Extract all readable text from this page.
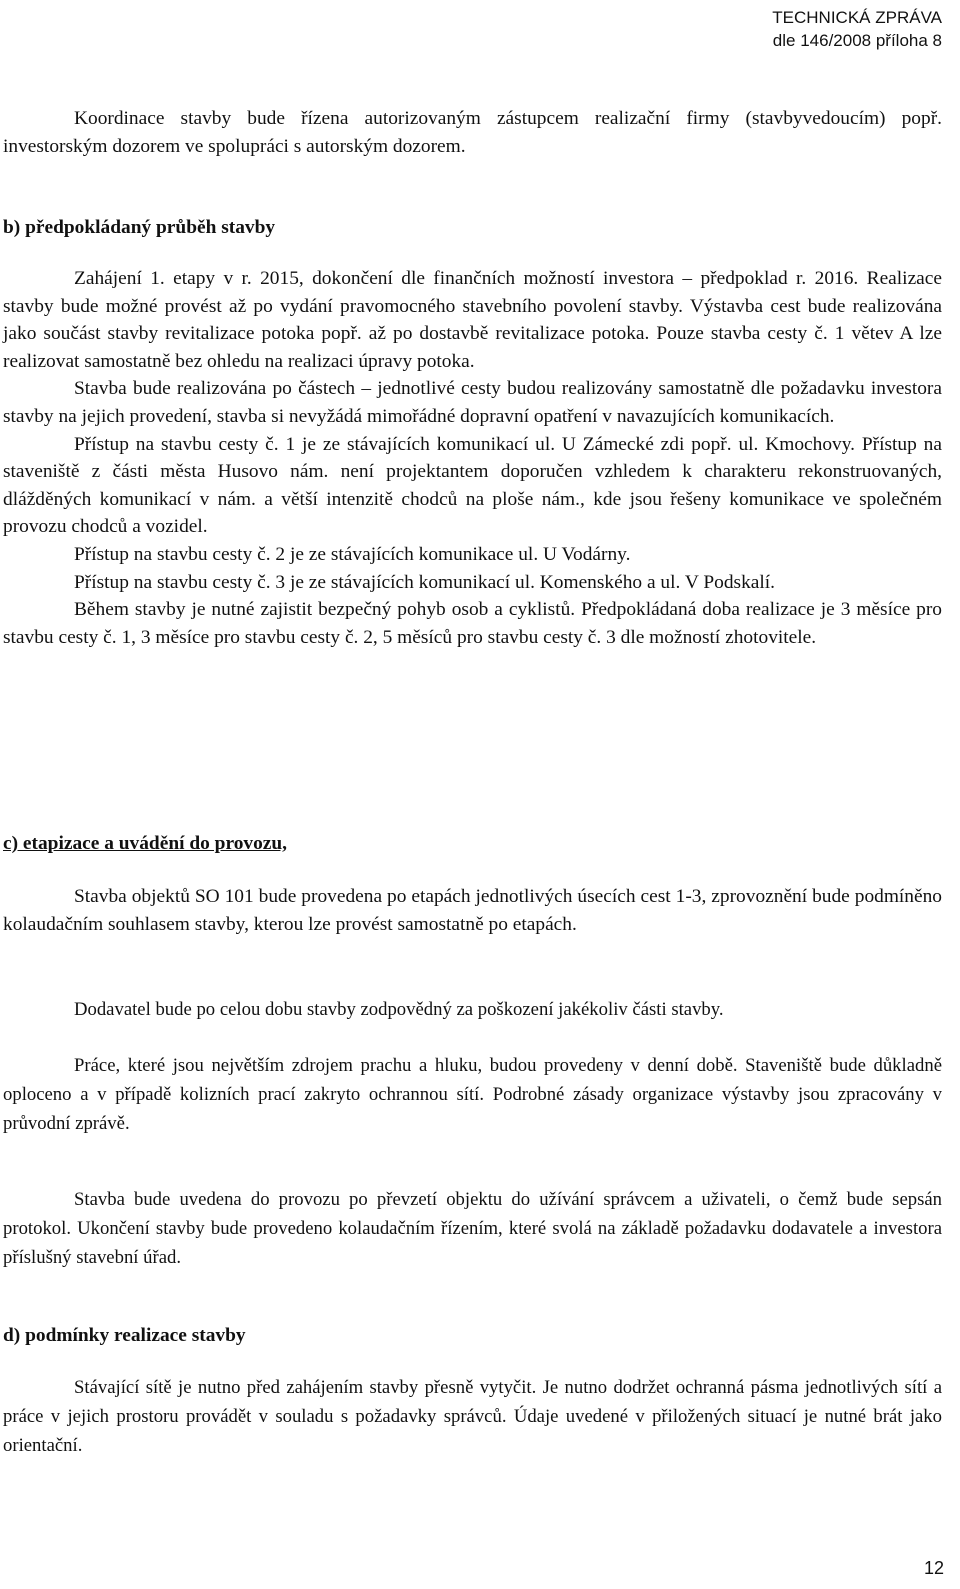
TECHNICKÁ ZPRÁVA
dle 146/2008 příloha 8

Koordinace stavby bude řízena autorizovaným zástupcem realizační firmy (stavbyvedoucím) popř. investorským dozorem ve spolupráci s autorským dozorem.

b) předpokládaný průběh stavby

Zahájení 1. etapy v r. 2015, dokončení dle finančních možností investora – předpoklad r. 2016. Realizace stavby bude možné provést až po vydání pravomocného stavebního povolení stavby. Výstavba cest bude realizována jako součást stavby revitalizace potoka popř. až po dostavbě revitalizace potoka. Pouze stavba cesty č. 1 větev A lze realizovat samostatně bez ohledu na realizaci úpravy potoka.

Stavba bude realizována po částech – jednotlivé cesty budou realizovány samostatně dle požadavku investora stavby na jejich provedení, stavba si nevyžádá mimořádné dopravní opatření v navazujících komunikacích.

Přístup na stavbu cesty č. 1 je ze stávajících komunikací ul. U Zámecké zdi popř. ul. Kmochovy. Přístup na staveniště z části města Husovo nám. není projektantem doporučen vzhledem k charakteru rekonstruovaných, dlážděných komunikací v nám. a větší intenzitě chodců na ploše nám., kde jsou řešeny komunikace ve společném provozu chodců a vozidel.

Přístup na stavbu cesty č. 2 je ze stávajících komunikace ul. U Vodárny.

Přístup na stavbu cesty č. 3 je ze stávajících komunikací ul. Komenského a ul. V Podskalí.

Během stavby je nutné zajistit bezpečný pohyb osob a cyklistů. Předpokládaná doba realizace je 3 měsíce pro stavbu cesty č. 1, 3 měsíce pro stavbu cesty č. 2, 5 měsíců pro stavbu cesty č. 3 dle možností zhotovitele.

c) etapizace a uvádění do provozu,

Stavba objektů SO 101 bude provedena po etapách jednotlivých úsecích cest 1-3, zprovoznění bude podmíněno kolaudačním souhlasem stavby, kterou lze provést samostatně po etapách.

Dodavatel bude po celou dobu stavby zodpovědný za poškození jakékoliv části stavby.

Práce, které jsou největším zdrojem prachu a hluku, budou provedeny v denní době. Staveniště bude důkladně oploceno a v případě kolizních prací zakryto ochrannou sítí. Podrobné zásady organizace výstavby jsou zpracovány v průvodní zprávě.

Stavba bude uvedena do provozu po převzetí objektu do užívání správcem a uživateli, o čemž bude sepsán protokol. Ukončení stavby bude provedeno kolaudačním řízením, které svolá na základě požadavku dodavatele a investora příslušný stavební úřad.

d) podmínky realizace stavby

Stávající sítě je nutno před zahájením stavby přesně vytyčit. Je nutno dodržet ochranná pásma jednotlivých sítí a práce v jejich prostoru provádět v souladu s požadavky správců. Údaje uvedené v přiložených situací je nutné brát jako orientační.

12
